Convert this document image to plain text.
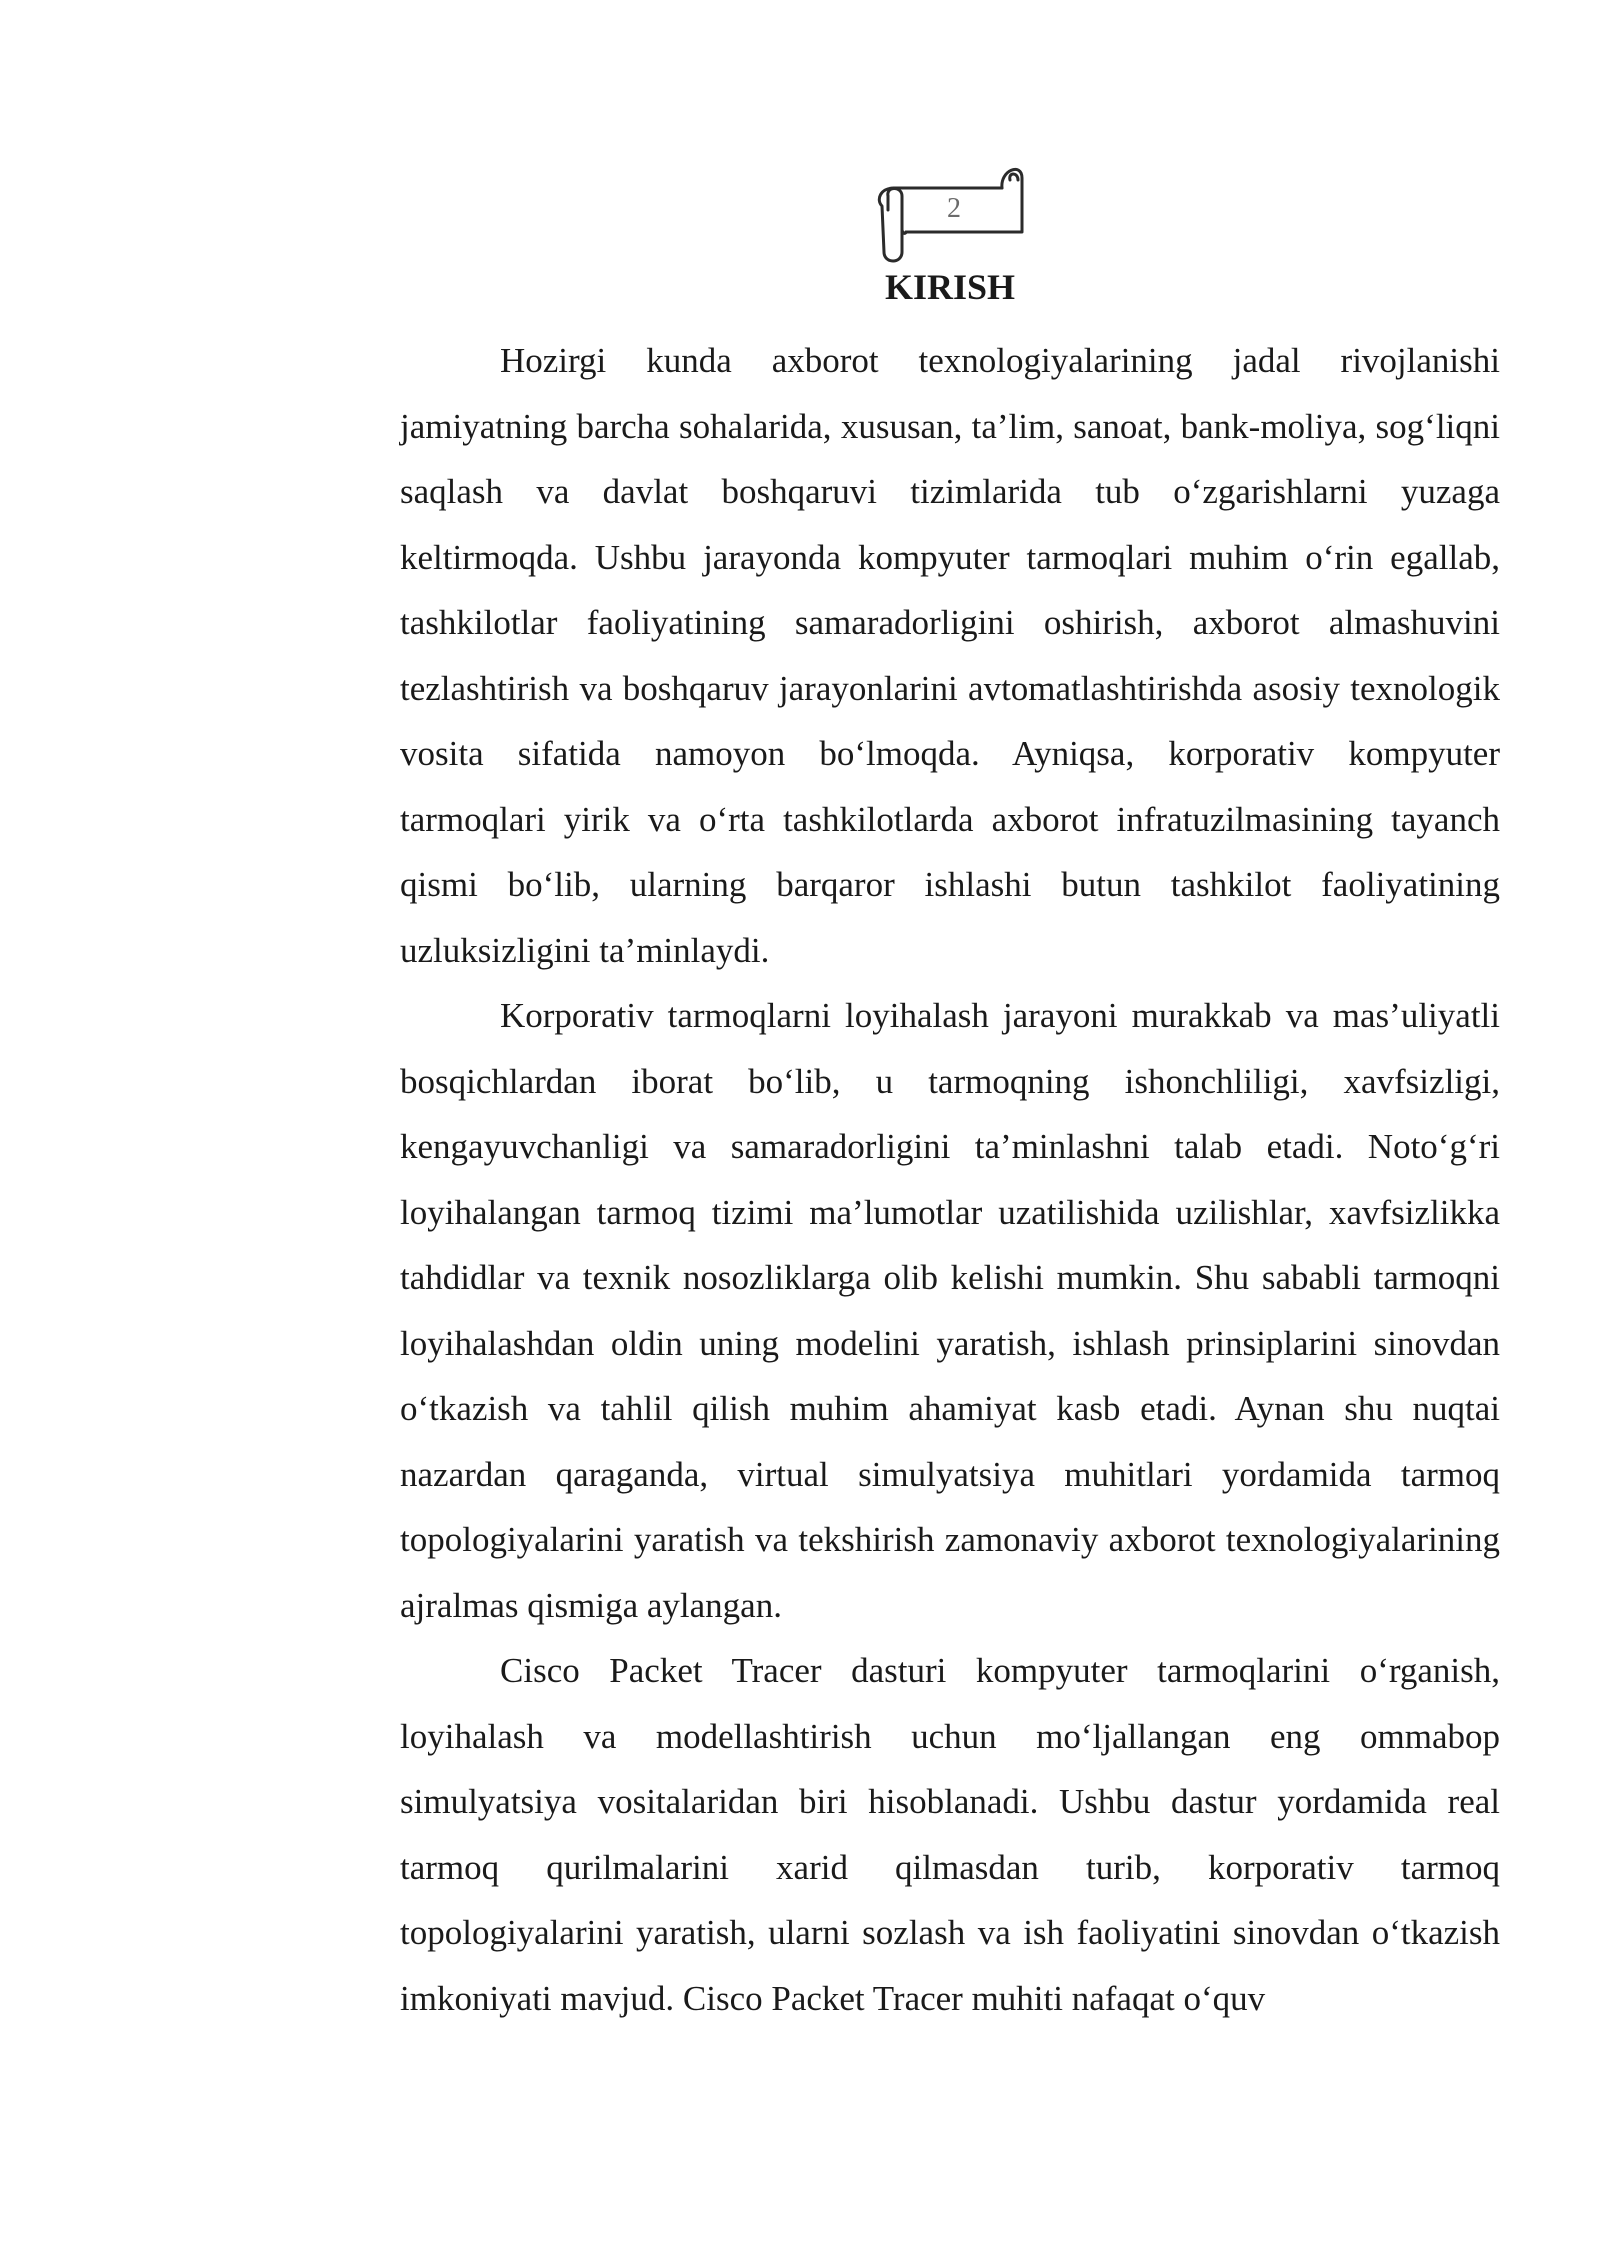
2
KIRISH

Hozirgi kunda axborot texnologiyalarining jadal rivojlanishi jamiyatning barcha sohalarida, xususan, ta’lim, sanoat, bank-moliya, sog‘liqni saqlash va davlat boshqaruvi tizimlarida tub o‘zgarishlarni yuzaga keltirmoqda. Ushbu jarayonda kompyuter tarmoqlari muhim o‘rin egallab, tashkilotlar faoliyatining samaradorligini oshirish, axborot almashuvini tezlashtirish va boshqaruv jarayonlarini avtomatlashtirishda asosiy texnologik vosita sifatida namoyon bo‘lmoqda. Ayniqsa, korporativ kompyuter tarmoqlari yirik va o‘rta tashkilotlarda axborot infratuzilmasining tayanch qismi bo‘lib, ularning barqaror ishlashi butun tashkilot faoliyatining uzluksizligini ta’minlaydi.

Korporativ tarmoqlarni loyihalash jarayoni murakkab va mas’uliyatli bosqichlardan iborat bo‘lib, u tarmoqning ishonchliligi, xavfsizligi, kengayuvchanligi va samaradorligini ta’minlashni talab etadi. Noto‘g‘ri loyihalangan tarmoq tizimi ma’lumotlar uzatilishida uzilishlar, xavfsizlikka tahdidlar va texnik nosozliklarga olib kelishi mumkin. Shu sababli tarmoqni loyihalashdan oldin uning modelini yaratish, ishlash prinsiplarini sinovdan o‘tkazish va tahlil qilish muhim ahamiyat kasb etadi. Aynan shu nuqtai nazardan qaraganda, virtual simulyatsiya muhitlari yordamida tarmoq topologiyalarini yaratish va tekshirish zamonaviy axborot texnologiyalarining ajralmas qismiga aylangan.

Cisco Packet Tracer dasturi kompyuter tarmoqlarini o‘rganish, loyihalash va modellashtirish uchun mo‘ljallangan eng ommabop simulyatsiya vositalaridan biri hisoblanadi. Ushbu dastur yordamida real tarmoq qurilmalarini xarid qilmasdan turib, korporativ tarmoq topologiyalarini yaratish, ularni sozlash va ish faoliyatini sinovdan o‘tkazish imkoniyati mavjud. Cisco Packet Tracer muhiti nafaqat o‘quv
